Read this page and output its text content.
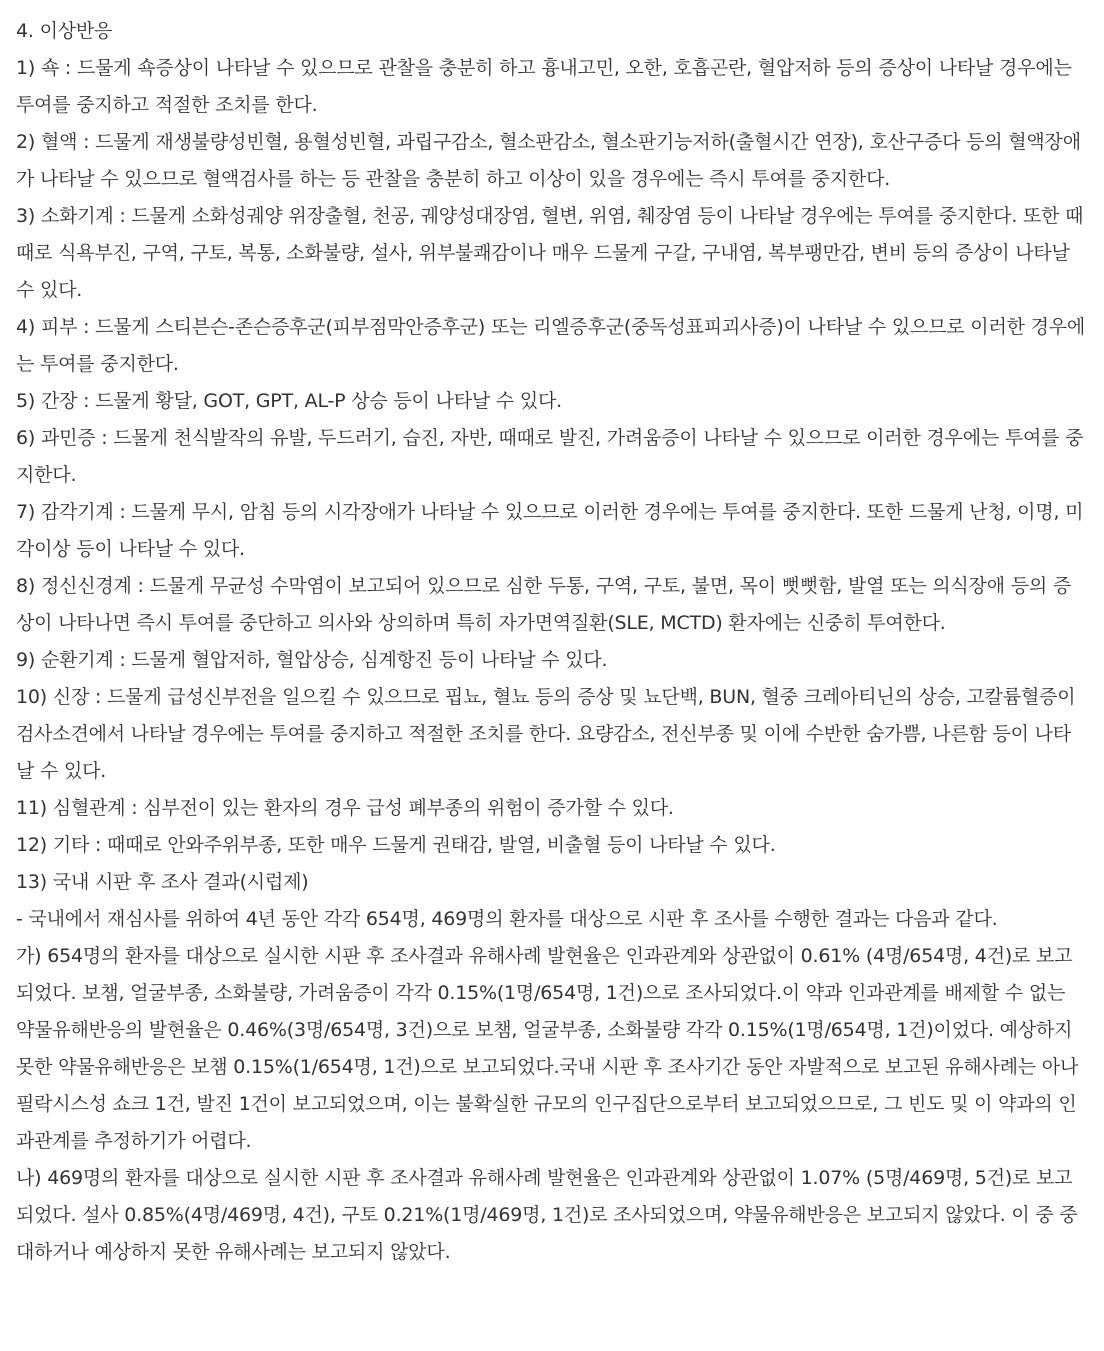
4. 이상반응

1) 쇽 : 드물게 쇽증상이 나타날 수 있으므로 관찰을 충분히 하고 흉내고민, 오한, 호흡곤란, 혈압저하 등의 증상이 나타날 경우에는 투여를 중지하고 적절한 조치를 한다.

2) 혈액 : 드물게 재생불량성빈혈, 용혈성빈혈, 과립구감소, 혈소판감소, 혈소판기능저하(출혈시간 연장), 호산구증다 등의 혈액장애가 나타날 수 있으므로 혈액검사를 하는 등 관찰을 충분히 하고 이상이 있을 경우에는 즉시 투여를 중지한다.

3) 소화기계 : 드물게 소화성궤양 위장출혈, 천공, 궤양성대장염, 혈변, 위염, 췌장염 등이 나타날 경우에는 투여를 중지한다. 또한 때때로 식욕부진, 구역, 구토, 복통, 소화불량, 설사, 위부불쾌감이나 매우 드물게 구갈, 구내염, 복부팽만감, 변비 등의 증상이 나타날 수 있다.

4) 피부 : 드물게 스티븐슨-존슨증후군(피부점막안증후군) 또는 리엘증후군(중독성표피괴사증)이 나타날 수 있으므로 이러한 경우에는 투여를 중지한다.

5) 간장 : 드물게 황달, GOT, GPT, AL-P 상승 등이 나타날 수 있다.

6) 과민증 : 드물게 천식발작의 유발, 두드러기, 습진, 자반, 때때로 발진, 가려움증이 나타날 수 있으므로 이러한 경우에는 투여를 중지한다.

7) 감각기계 : 드물게 무시, 암침 등의 시각장애가 나타날 수 있으므로 이러한 경우에는 투여를 중지한다. 또한 드물게 난청, 이명, 미각이상 등이 나타날 수 있다.

8) 정신신경계 : 드물게 무균성 수막염이 보고되어 있으므로 심한 두통, 구역, 구토, 불면, 목이 뻣뻣함, 발열 또는 의식장애 등의 증상이 나타나면 즉시 투여를 중단하고 의사와 상의하며 특히 자가면역질환(SLE, MCTD) 환자에는 신중히 투여한다.

9) 순환기계 : 드물게 혈압저하, 혈압상승, 심계항진 등이 나타날 수 있다.

10) 신장 : 드물게 급성신부전을 일으킬 수 있으므로 핍뇨, 혈뇨 등의 증상 및 뇨단백, BUN, 혈중 크레아티닌의 상승, 고칼륨혈증이 검사소견에서 나타날 경우에는 투여를 중지하고 적절한 조치를 한다. 요량감소, 전신부종 및 이에 수반한 숨가쁨, 나른함 등이 나타날 수 있다.

11) 심혈관계 : 심부전이 있는 환자의 경우 급성 폐부종의 위험이 증가할 수 있다.

12) 기타 : 때때로 안와주위부종, 또한 매우 드물게 권태감, 발열, 비출혈 등이 나타날 수 있다.

13) 국내 시판 후 조사 결과(시럽제)

- 국내에서 재심사를 위하여 4년 동안 각각 654명, 469명의 환자를 대상으로 시판 후 조사를 수행한 결과는 다음과 같다.

가) 654명의 환자를 대상으로 실시한 시판 후 조사결과 유해사례 발현율은 인과관계와 상관없이 0.61% (4명/654명, 4건)로 보고되었다. 보챔, 얼굴부종, 소화불량, 가려움증이 각각 0.15%(1명/654명, 1건)으로 조사되었다.이 약과 인과관계를 배제할 수 없는 약물유해반응의 발현율은 0.46%(3명/654명, 3건)으로 보챔, 얼굴부종, 소화불량 각각 0.15%(1명/654명, 1건)이었다. 예상하지 못한 약물유해반응은 보챔 0.15%(1/654명, 1건)으로 보고되었다.국내 시판 후 조사기간 동안 자발적으로 보고된 유해사례는 아나필락시스성 쇼크 1건, 발진 1건이 보고되었으며, 이는 불확실한 규모의 인구집단으로부터 보고되었으므로, 그 빈도 및 이 약과의 인과관계를 추정하기가 어렵다.

나) 469명의 환자를 대상으로 실시한 시판 후 조사결과 유해사례 발현율은 인과관계와 상관없이 1.07% (5명/469명, 5건)로 보고되었다. 설사 0.85%(4명/469명, 4건), 구토 0.21%(1명/469명, 1건)로 조사되었으며, 약물유해반응은 보고되지 않았다. 이 중 중대하거나 예상하지 못한 유해사례는 보고되지 않았다.
